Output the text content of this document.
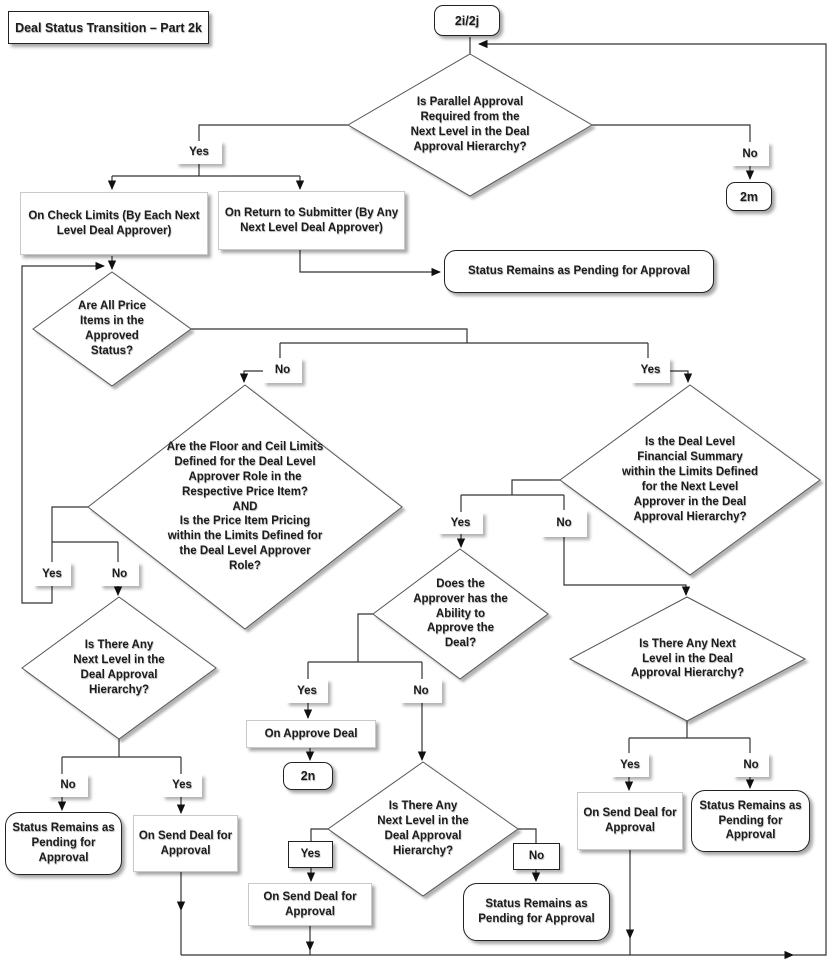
Deal Status Transition – Part 2k	2i/2j
2m
2n
Is Parallel Approval Required from the Next Level in the Deal Approval Hierarchy?
Are All Price Items in the Approved Status?
Are the Floor and Ceil Limits Defined for the Deal Level Approver Role in the Respective Price Item?
AND
Is the Price Item Pricing within the Limits Defined for the Deal Level Approver Role?
Is There Any Next Level in the Deal Approval Hierarchy?
Does the Approver has the Ability to Approve the Deal?
Is There Any Next Level in the Deal Approval Hierarchy?
Is the Deal Level Financial Summary within the Limits Defined for the Next Level Approver in the Deal Approval Hierarchy?
Is There Any Next Level in the Deal Approval Hierarchy?
On Check Limits (By Each Next Level Deal Approver)
On Return to Submitter (By Any Next Level Deal Approver)
On Send Deal for Approval
On Approve Deal
On Send Deal for Approval
On Send Deal for Approval
Status Remains as Pending for Approval
Status Remains as Pending for Approval
Status Remains as Pending for Approval
Status Remains as Pending for Approval
Yes	No
No	Yes
Yes	No
No	Yes
Yes	No
Yes	No
Yes	No
Yes	No
